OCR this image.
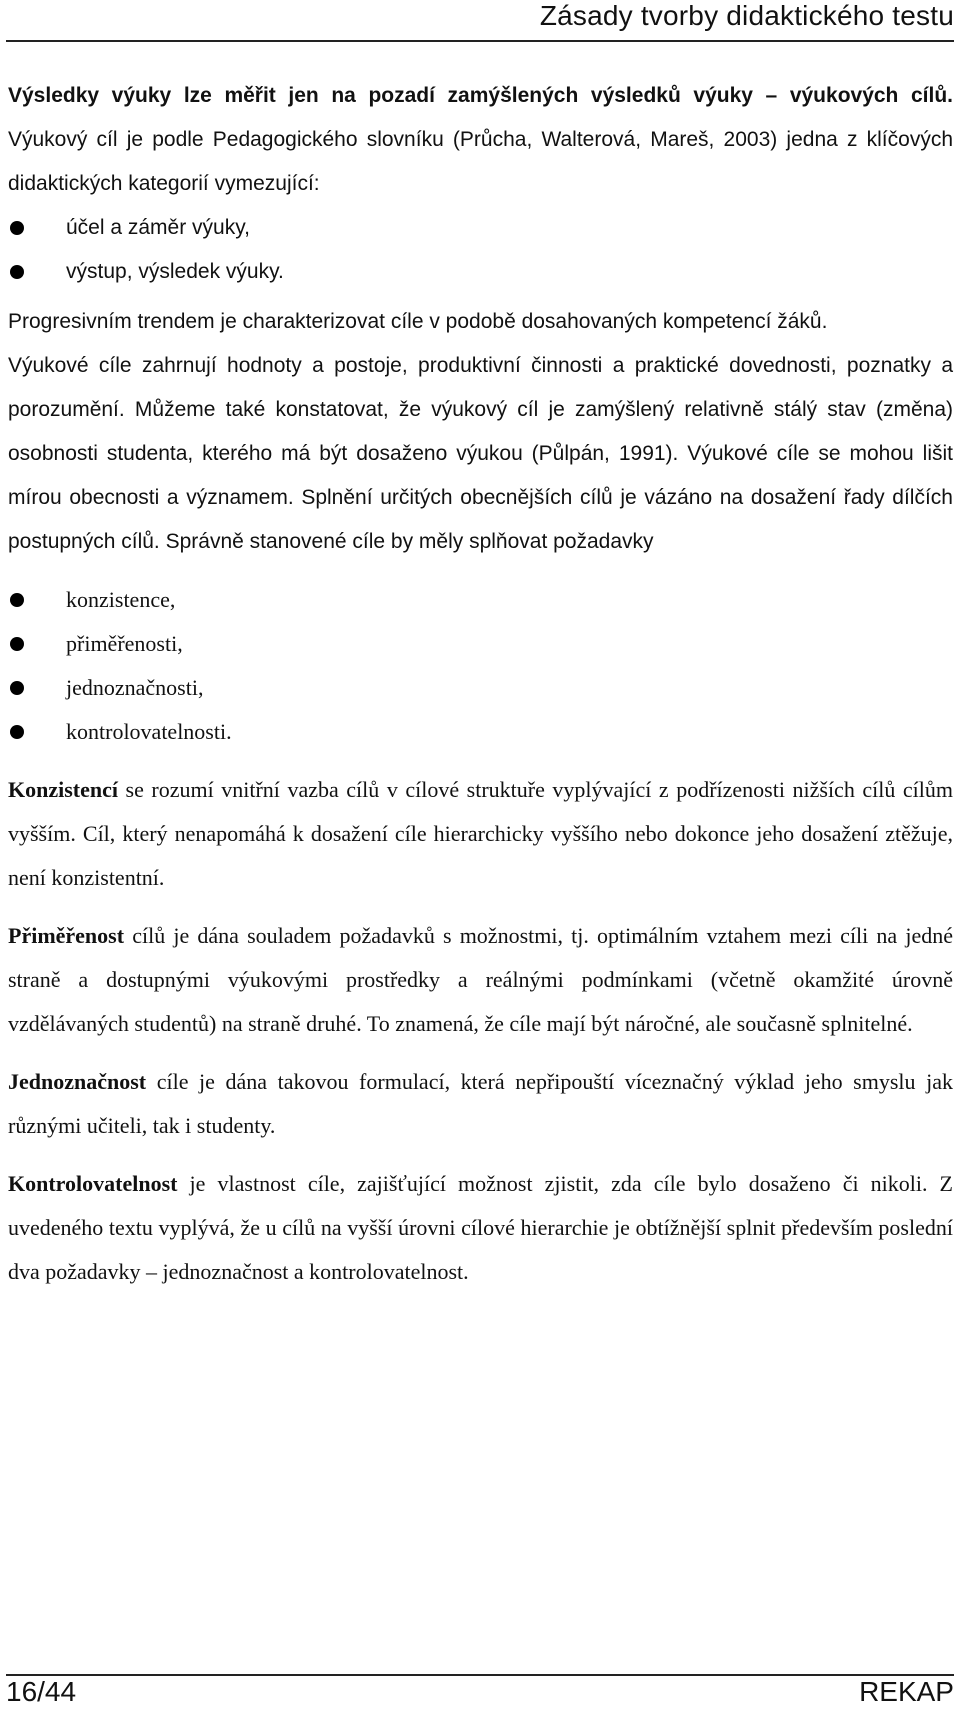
Zásady tvorby didaktického testu

Výsledky výuky lze měřit jen na pozadí zamýšlených výsledků výuky – výukových cílů. Výukový cíl je podle Pedagogického slovníku (Průcha, Walterová, Mareš, 2003) jedna z klíčových didaktických kategorií vymezující:

účel a záměr výuky,
výstup, výsledek výuky.

Progresivním trendem je charakterizovat cíle v podobě dosahovaných kompetencí žáků.

Výukové cíle zahrnují hodnoty a postoje, produktivní činnosti a praktické dovednosti, poznatky a porozumění. Můžeme také konstatovat, že výukový cíl je zamýšlený relativně stálý stav (změna) osobnosti studenta, kterého má být dosaženo výukou (Půlpán, 1991). Výukové cíle se mohou lišit mírou obecnosti a významem. Splnění určitých obecnějších cílů je vázáno na dosažení řady dílčích postupných cílů. Správně stanovené cíle by měly splňovat požadavky

konzistence,
přiměřenosti,
jednoznačnosti,
kontrolovatelnosti.

Konzistencí se rozumí vnitřní vazba cílů v cílové struktuře vyplývající z podřízenosti nižších cílů cílům vyšším. Cíl, který nenapomáhá k dosažení cíle hierarchicky vyššího nebo dokonce jeho dosažení ztěžuje, není konzistentní.

Přiměřenost cílů je dána souladem požadavků s možnostmi, tj. optimálním vztahem mezi cíli na jedné straně a dostupnými výukovými prostředky a reálnými podmínkami (včetně okamžité úrovně vzdělávaných studentů) na straně druhé. To znamená, že cíle mají být náročné, ale současně splnitelné.

Jednoznačnost cíle je dána takovou formulací, která nepřipouští víceznačný výklad jeho smyslu jak různými učiteli, tak i studenty.

Kontrolovatelnost je vlastnost cíle, zajišťující možnost zjistit, zda cíle bylo dosaženo či nikoli. Z uvedeného textu vyplývá, že u cílů na vyšší úrovni cílové hierarchie je obtížnější splnit především poslední dva požadavky – jednoznačnost a kontrolovatelnost.

16/44	REKAP
